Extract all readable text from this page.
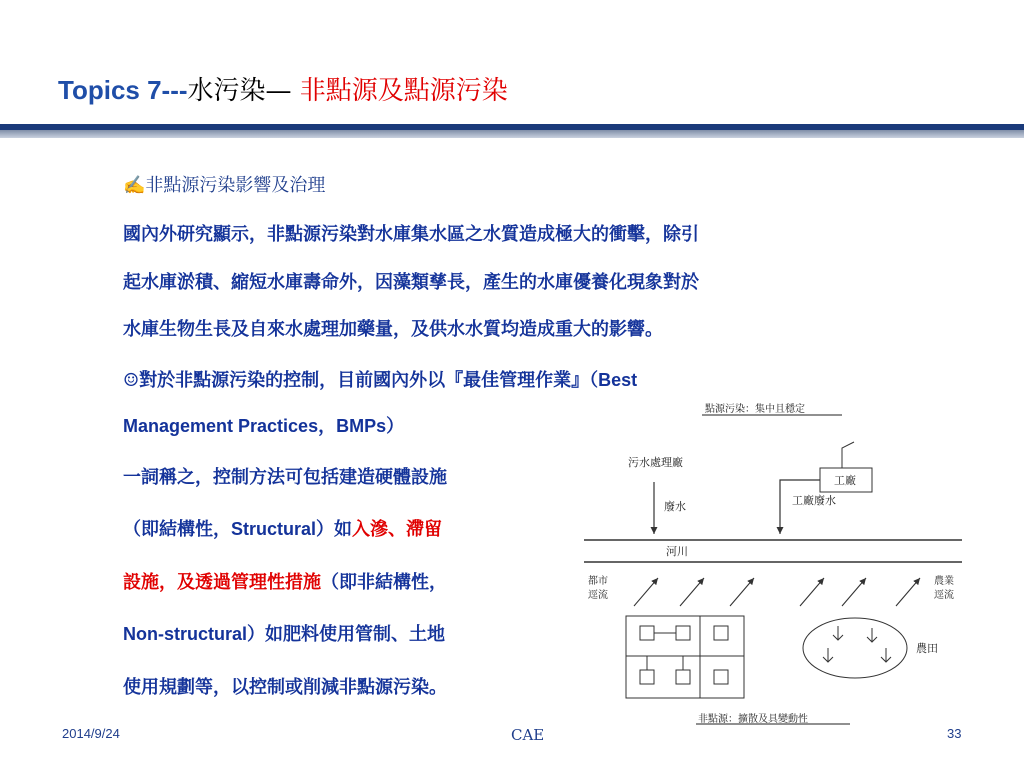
Topics 7---水污染— 非點源及點源污染
✍非點源污染影響及治理
國內外研究顯示，非點源污染對水庫集水區之水質造成極大的衝擊，除引
起水庫淤積、縮短水庫壽命外，因藻類孳長，產生的水庫優養化現象對於
水庫生物生長及自來水處理加藥量，及供水水質均造成重大的影響。
☺對於非點源污染的控制，目前國內外以『最佳管理作業』（Best
Management Practices，BMPs）
一詞稱之，控制方法可包括建造硬體設施
（即結構性，Structural）如入滲、滯留
設施，及透過管理性措施（即非結構性，
Non-structural）如肥料使用管制、土地
使用規劃等，以控制或削減非點源污染。
點源污染：集中且穩定
污水處理廠
廢水
工廠
工廠廢水
河川
都市逕流
農業逕流
農田
非點源：擴散及具變動性
2014/9/24	CAE	33
